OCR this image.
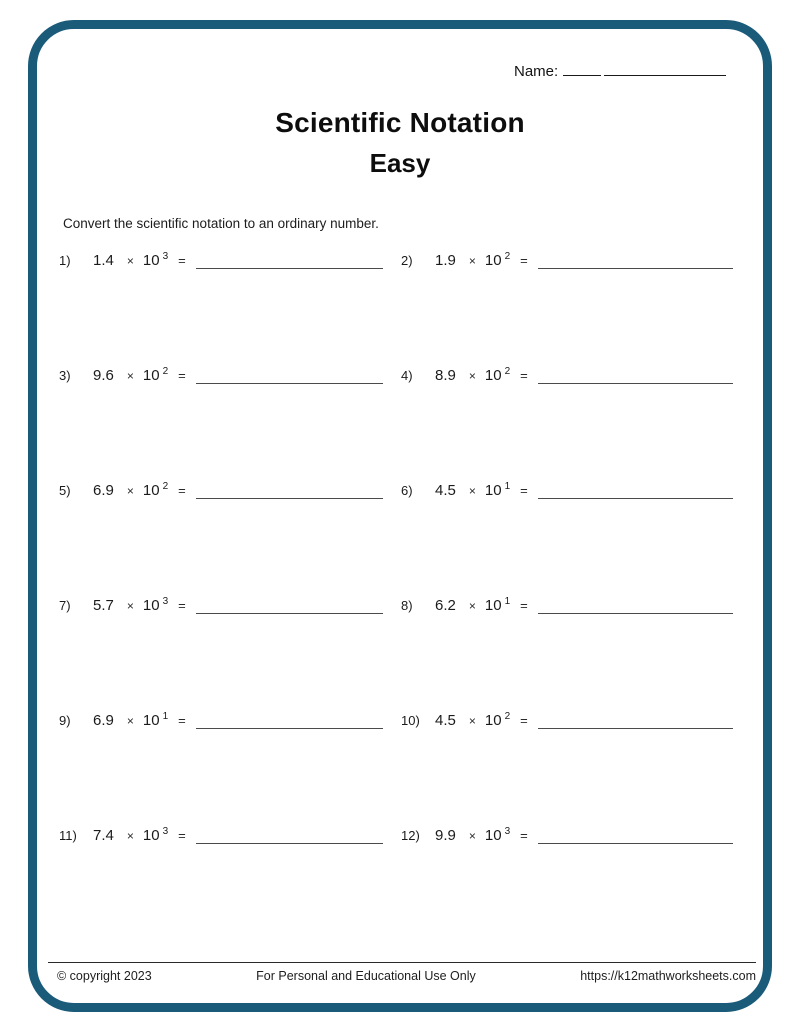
Name:
Scientific Notation
Easy
Convert the scientific notation to an ordinary number.
1)	1.4 × 10 3 =	2)	1.9 × 10 2 =
3)	9.6 × 10 2 =	4)	8.9 × 10 2 =
5)	6.9 × 10 2 =	6)	4.5 × 10 1 =
7)	5.7 × 10 3 =	8)	6.2 × 10 1 =
9)	6.9 × 10 1 =	10)	4.5 × 10 2 =
11)	7.4 × 10 3 =	12)	9.9 × 10 3 =
© copyright 2023	For Personal and Educational Use Only	https://k12mathworksheets.com
